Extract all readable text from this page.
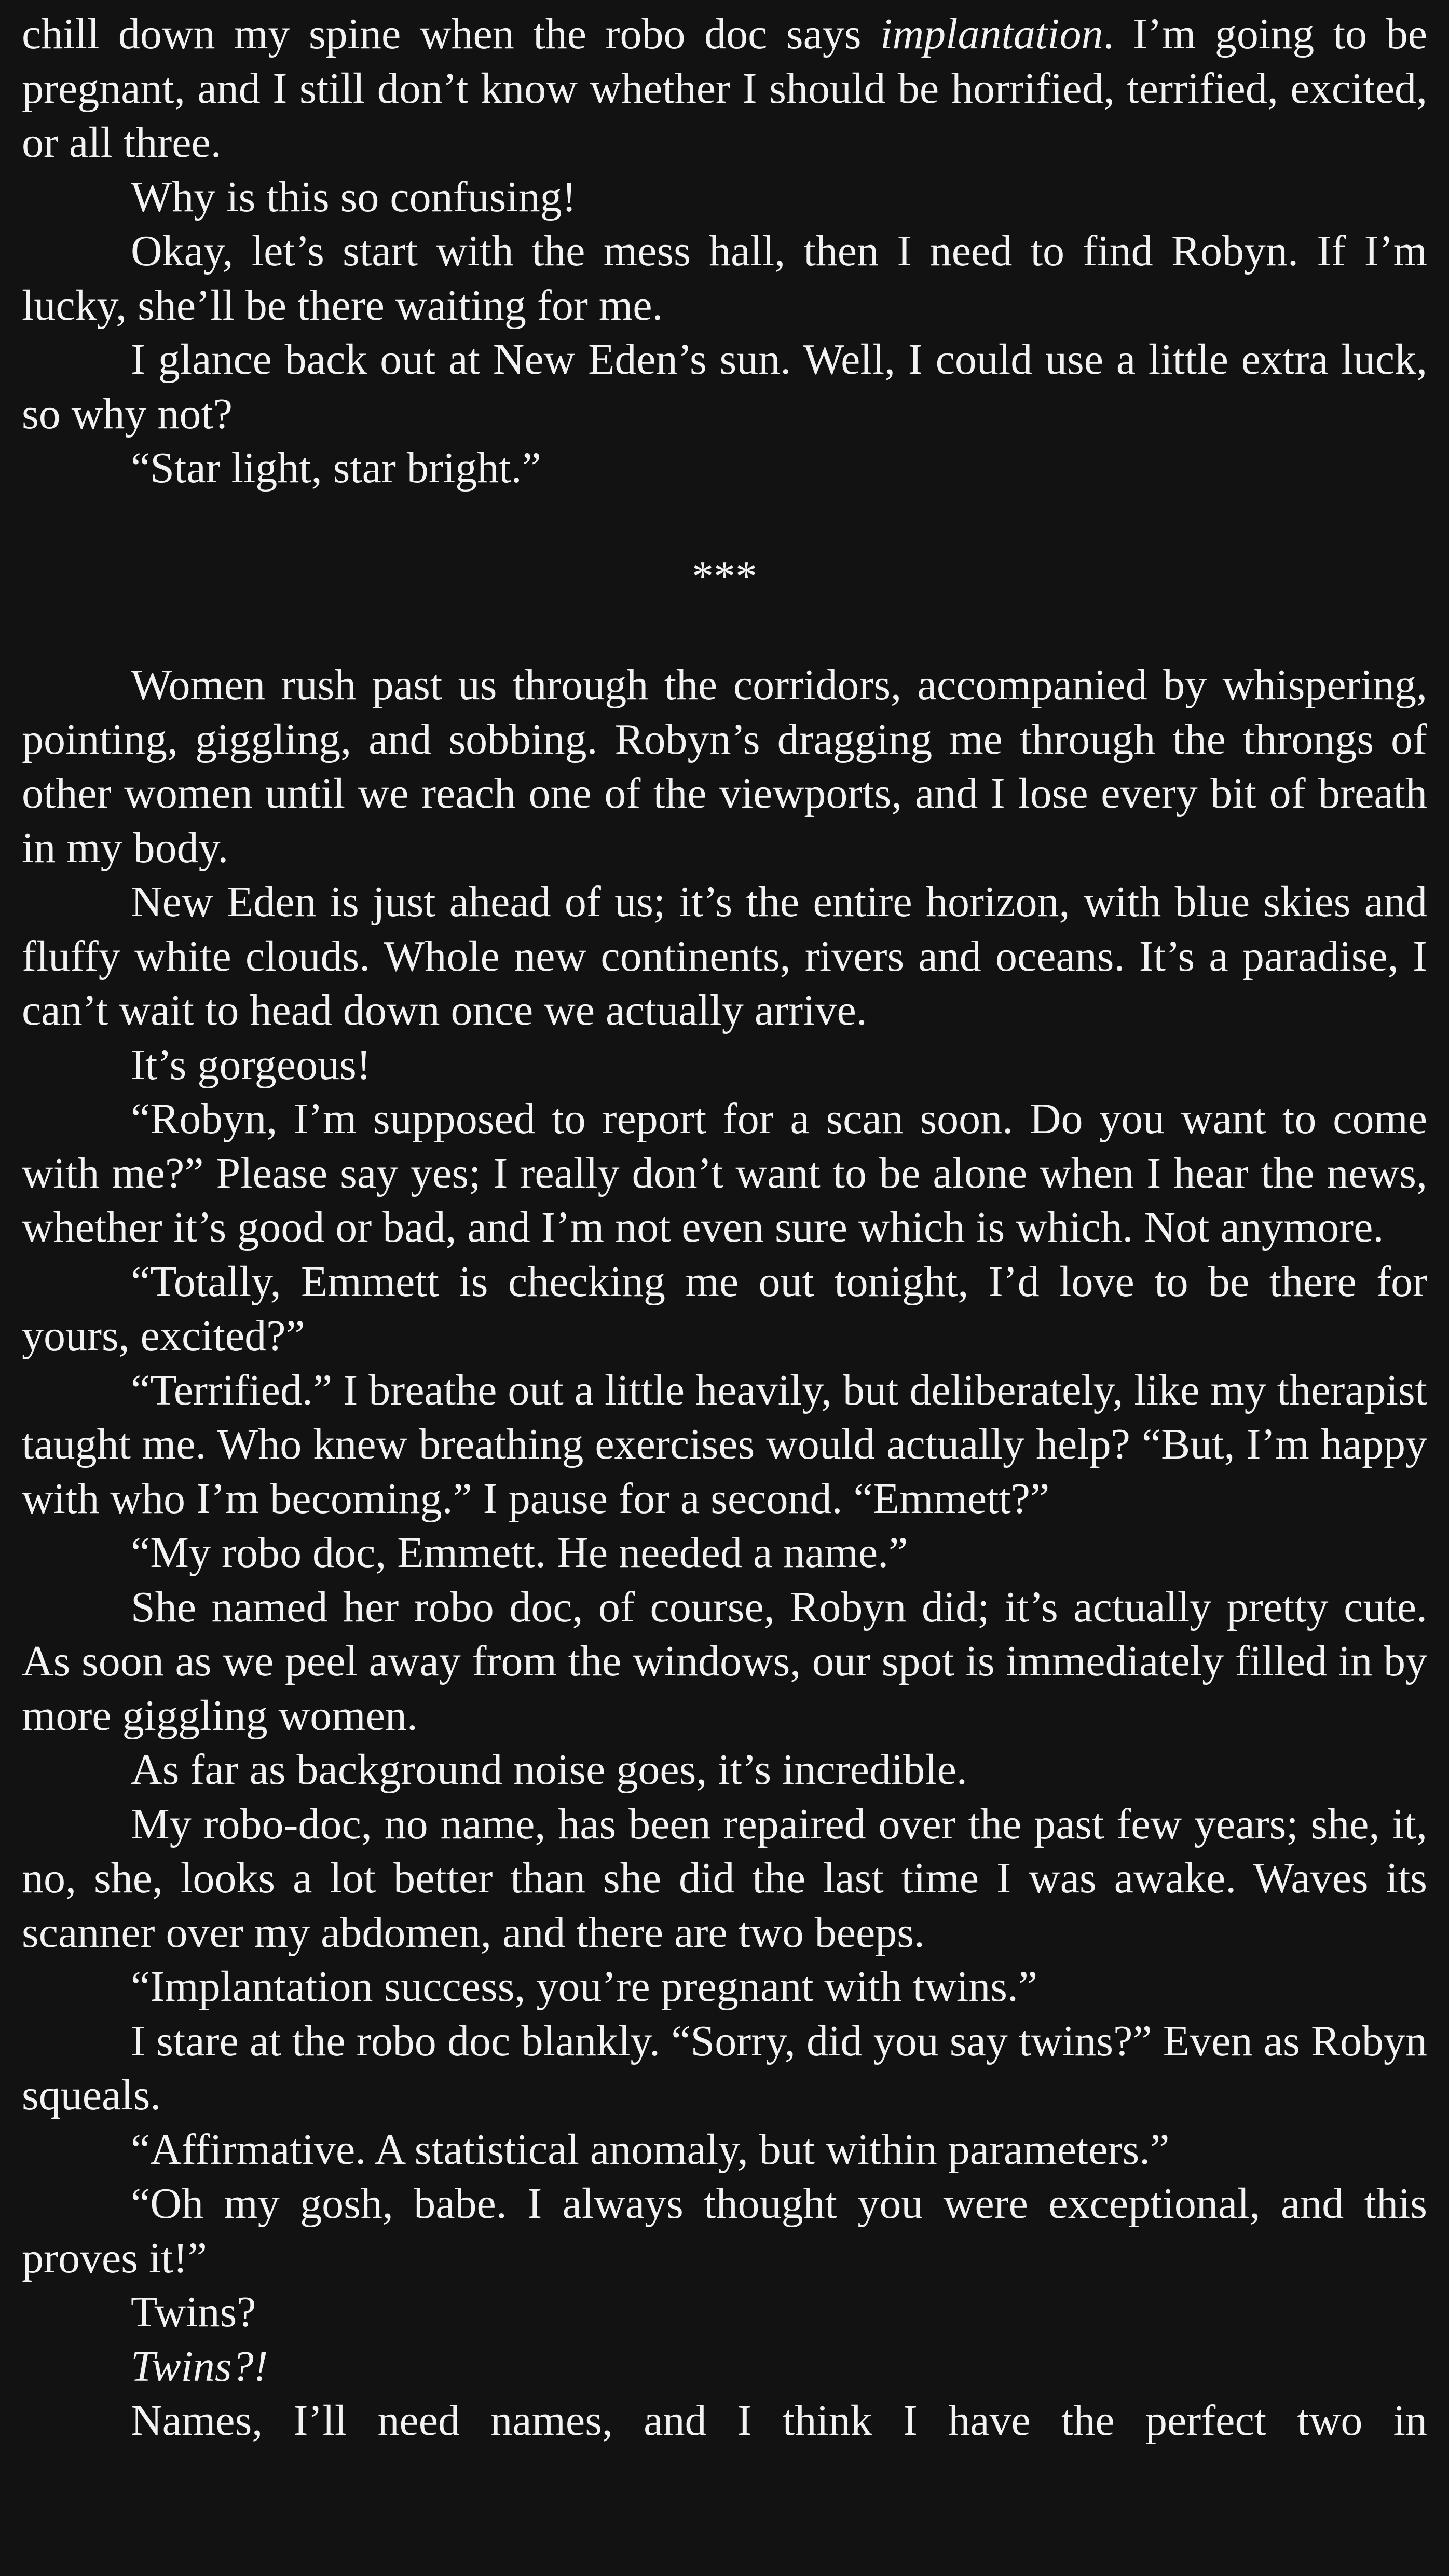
chill down my spine when the robo doc says implantation. I’m going to be pregnant, and I still don’t know whether I should be horrified, terrified, excited, or all three.

Why is this so confusing!

Okay, let’s start with the mess hall, then I need to find Robyn. If I’m lucky, she’ll be there waiting for me.

I glance back out at New Eden’s sun. Well, I could use a little extra luck, so why not?

“Star light, star bright.”

***

Women rush past us through the corridors, accompanied by whispering, pointing, giggling, and sobbing. Robyn’s dragging me through the throngs of other women until we reach one of the viewports, and I lose every bit of breath in my body.

New Eden is just ahead of us; it’s the entire horizon, with blue skies and fluffy white clouds. Whole new continents, rivers and oceans. It’s a paradise, I can’t wait to head down once we actually arrive.

It’s gorgeous!

“Robyn, I’m supposed to report for a scan soon. Do you want to come with me?” Please say yes; I really don’t want to be alone when I hear the news, whether it’s good or bad, and I’m not even sure which is which. Not anymore.

“Totally, Emmett is checking me out tonight, I’d love to be there for yours, excited?”

“Terrified.” I breathe out a little heavily, but deliberately, like my therapist taught me. Who knew breathing exercises would actually help? “But, I’m happy with who I’m becoming.” I pause for a second. “Emmett?”

“My robo doc, Emmett. He needed a name.”

She named her robo doc, of course, Robyn did; it’s actually pretty cute. As soon as we peel away from the windows, our spot is immediately filled in by more giggling women.

As far as background noise goes, it’s incredible.

My robo-doc, no name, has been repaired over the past few years; she, it, no, she, looks a lot better than she did the last time I was awake. Waves its scanner over my abdomen, and there are two beeps.

“Implantation success, you’re pregnant with twins.”

I stare at the robo doc blankly. “Sorry, did you say twins?” Even as Robyn squeals.

“Affirmative. A statistical anomaly, but within parameters.”

“Oh my gosh, babe. I always thought you were exceptional, and this proves it!”

Twins?

Twins?!

Names, I’ll need names, and I think I have the perfect two in
